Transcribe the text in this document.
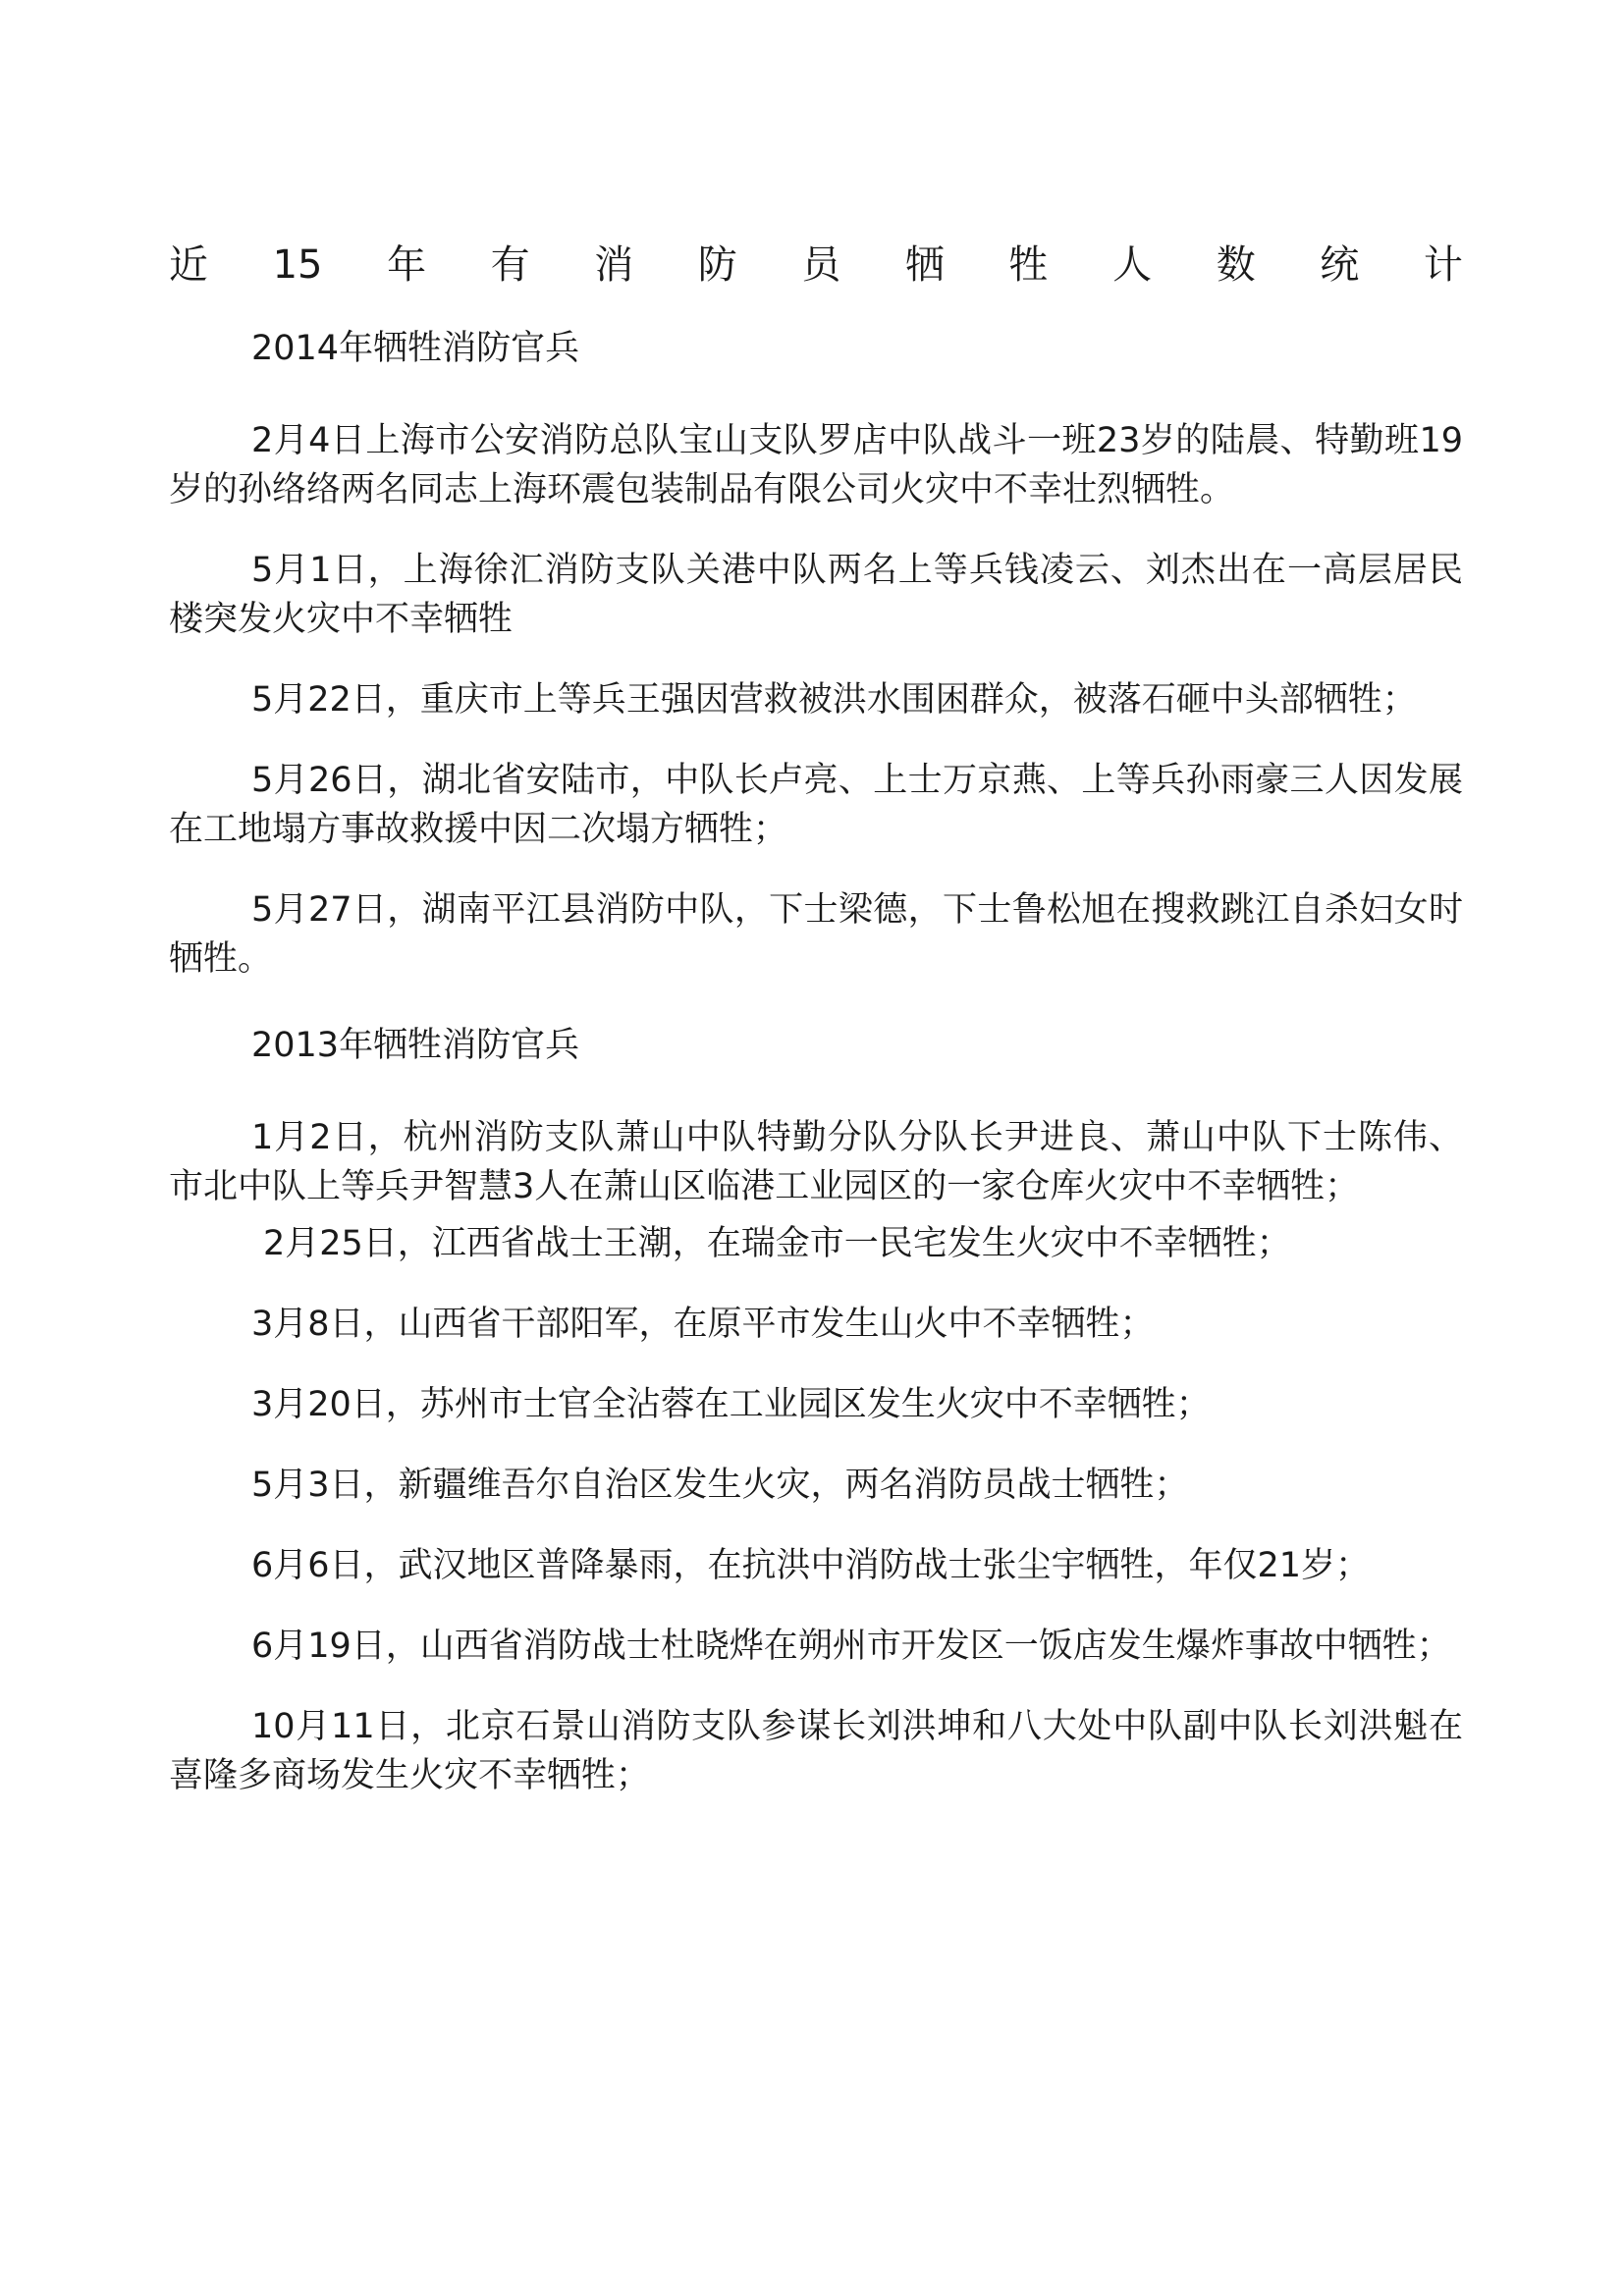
近 15 年 有 消 防 员 牺 牲 人 数 统 计
2014年牺牲消防官兵

2月4日上海市公安消防总队宝山支队罗店中队战斗一班23岁的陆晨、特勤班19岁的孙络络两名同志上海环震包装制品有限公司火灾中不幸壮烈牺牲。

5月1日，上海徐汇消防支队关港中队两名上等兵钱凌云、刘杰出在一高层居民楼突发火灾中不幸牺牲

5月22日，重庆市上等兵王强因营救被洪水围困群众，被落石砸中头部牺牲；

5月26日，湖北省安陆市，中队长卢亮、上士万京燕、上等兵孙雨豪三人因发展在工地塌方事故救援中因二次塌方牺牲；

5月27日，湖南平江县消防中队，下士梁德，下士鲁松旭在搜救跳江自杀妇女时牺牲。

2013年牺牲消防官兵

1月2日，杭州消防支队萧山中队特勤分队分队长尹进良、萧山中队下士陈伟、市北中队上等兵尹智慧3人在萧山区临港工业园区的一家仓库火灾中不幸牺牲；

2月25日，江西省战士王潮，在瑞金市一民宅发生火灾中不幸牺牲；

3月8日，山西省干部阳军，在原平市发生山火中不幸牺牲；

3月20日，苏州市士官全沾蓉在工业园区发生火灾中不幸牺牲；

5月3日，新疆维吾尔自治区发生火灾，两名消防员战士牺牲；

6月6日，武汉地区普降暴雨，在抗洪中消防战士张尘宇牺牲，年仅21岁；

6月19日，山西省消防战士杜晓烨在朔州市开发区一饭店发生爆炸事故中牺牲；

10月11日，北京石景山消防支队参谋长刘洪坤和八大处中队副中队长刘洪魁在喜隆多商场发生火灾不幸牺牲；
